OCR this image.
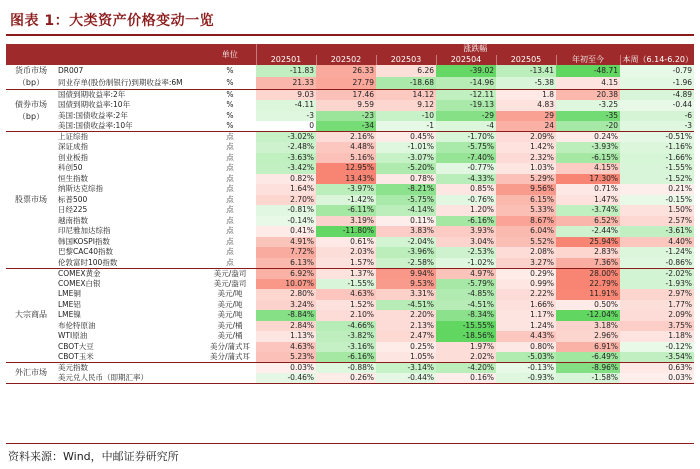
图表 1：大类资产价格变动一览
		单位	涨跌幅						
			202501	202502	202503	202504	202505	年初至今	本周（6.14-6.20）
货币市场 （bp）	DR007	%	-11.83	26.33	6.26	-39.02	-13.41	-48.71	-0.79
	同业存单(股份制银行)到期收益率:6M	%	21.33	27.79	-18.68	-14.96	-5.38	4.15	-1.96
债券市场 （bp）	国债到期收益率:2年	%	9.03	17.46	14.12	-12.11	1.8	20.38	-4.89
	国债到期收益率:10年	%	-4.11	9.59	9.12	-19.13	4.83	-3.25	-0.44
	美国:国债收益率:2年	%	-3	-23	-10	-29	29	-35	-6
	美国:国债收益率:10年	%	0	-34	-1	-4	24	-20	-3
股票市场	上证综指	点	-3.02%	2.16%	0.45%	-1.70%	2.09%	0.24%	-0.51%
	深证成指	点	-2.48%	4.48%	-1.01%	-5.75%	1.42%	-3.93%	-1.16%
	创业板指	点	-3.63%	5.16%	-3.07%	-7.40%	2.32%	-6.15%	-1.66%
	科创50	点	-3.42%	12.95%	-5.20%	-0.77%	1.03%	4.15%	-1.55%
	恒生指数	点	0.82%	13.43%	0.78%	-4.33%	5.29%	17.30%	-1.52%
	纳斯达克综指	点	1.64%	-3.97%	-8.21%	0.85%	9.56%	0.71%	0.21%
	标普500	点	2.70%	-1.42%	-5.75%	-0.76%	6.15%	1.47%	-0.15%
	日经225	点	-0.81%	-6.11%	-4.14%	1.20%	5.33%	-3.74%	1.50%
	越南指数	点	-0.14%	3.19%	0.11%	-6.16%	8.67%	6.52%	2.57%
	印尼雅加达综指	点	0.41%	-11.80%	3.83%	3.93%	6.04%	-2.44%	-3.61%
	韩国KOSPI指数	点	4.91%	0.61%	-2.04%	3.04%	5.52%	25.94%	4.40%
	巴黎CAC40指数	点	7.72%	2.03%	-3.96%	-2.53%	2.08%	2.83%	-1.24%
	伦敦富时100指数	点	6.13%	1.57%	-2.58%	-1.02%	3.27%	7.36%	-0.86%
大宗商品	COMEX黄金	美元/盎司	6.92%	1.37%	9.94%	4.97%	0.29%	28.00%	-2.02%
	COMEX白银	美元/盎司	10.07%	-1.55%	9.53%	-5.79%	0.99%	22.79%	-1.93%
	LME铜	美元/吨	2.80%	4.63%	3.31%	-4.85%	2.22%	11.91%	2.97%
	LME铝	美元/吨	3.24%	1.52%	-4.51%	-4.51%	1.66%	0.50%	1.77%
	LME镍	美元/吨	-8.84%	2.10%	2.20%	-8.34%	1.17%	-12.04%	2.09%
	布伦特原油	美元/桶	2.84%	-4.66%	2.13%	-15.55%	1.24%	3.18%	3.75%
	WTI原油	美元/桶	1.13%	-3.82%	2.47%	-18.56%	4.43%	2.96%	1.18%
	CBOT大豆	美分/蒲式耳	4.63%	-3.16%	0.25%	1.97%	0.80%	6.91%	-0.12%
	CBOT玉米	美分/蒲式耳	5.23%	-6.16%	1.05%	2.02%	-5.03%	-6.49%	-3.54%
外汇市场	美元指数		0.03%	-0.88%	-3.14%	-4.20%	-0.13%	-8.96%	0.63%
	美元兑人民币（即期汇率）		-0.46%	0.26%	-0.44%	0.16%	-0.93%	-1.58%	0.03%
资料来源：Wind，中邮证券研究所
